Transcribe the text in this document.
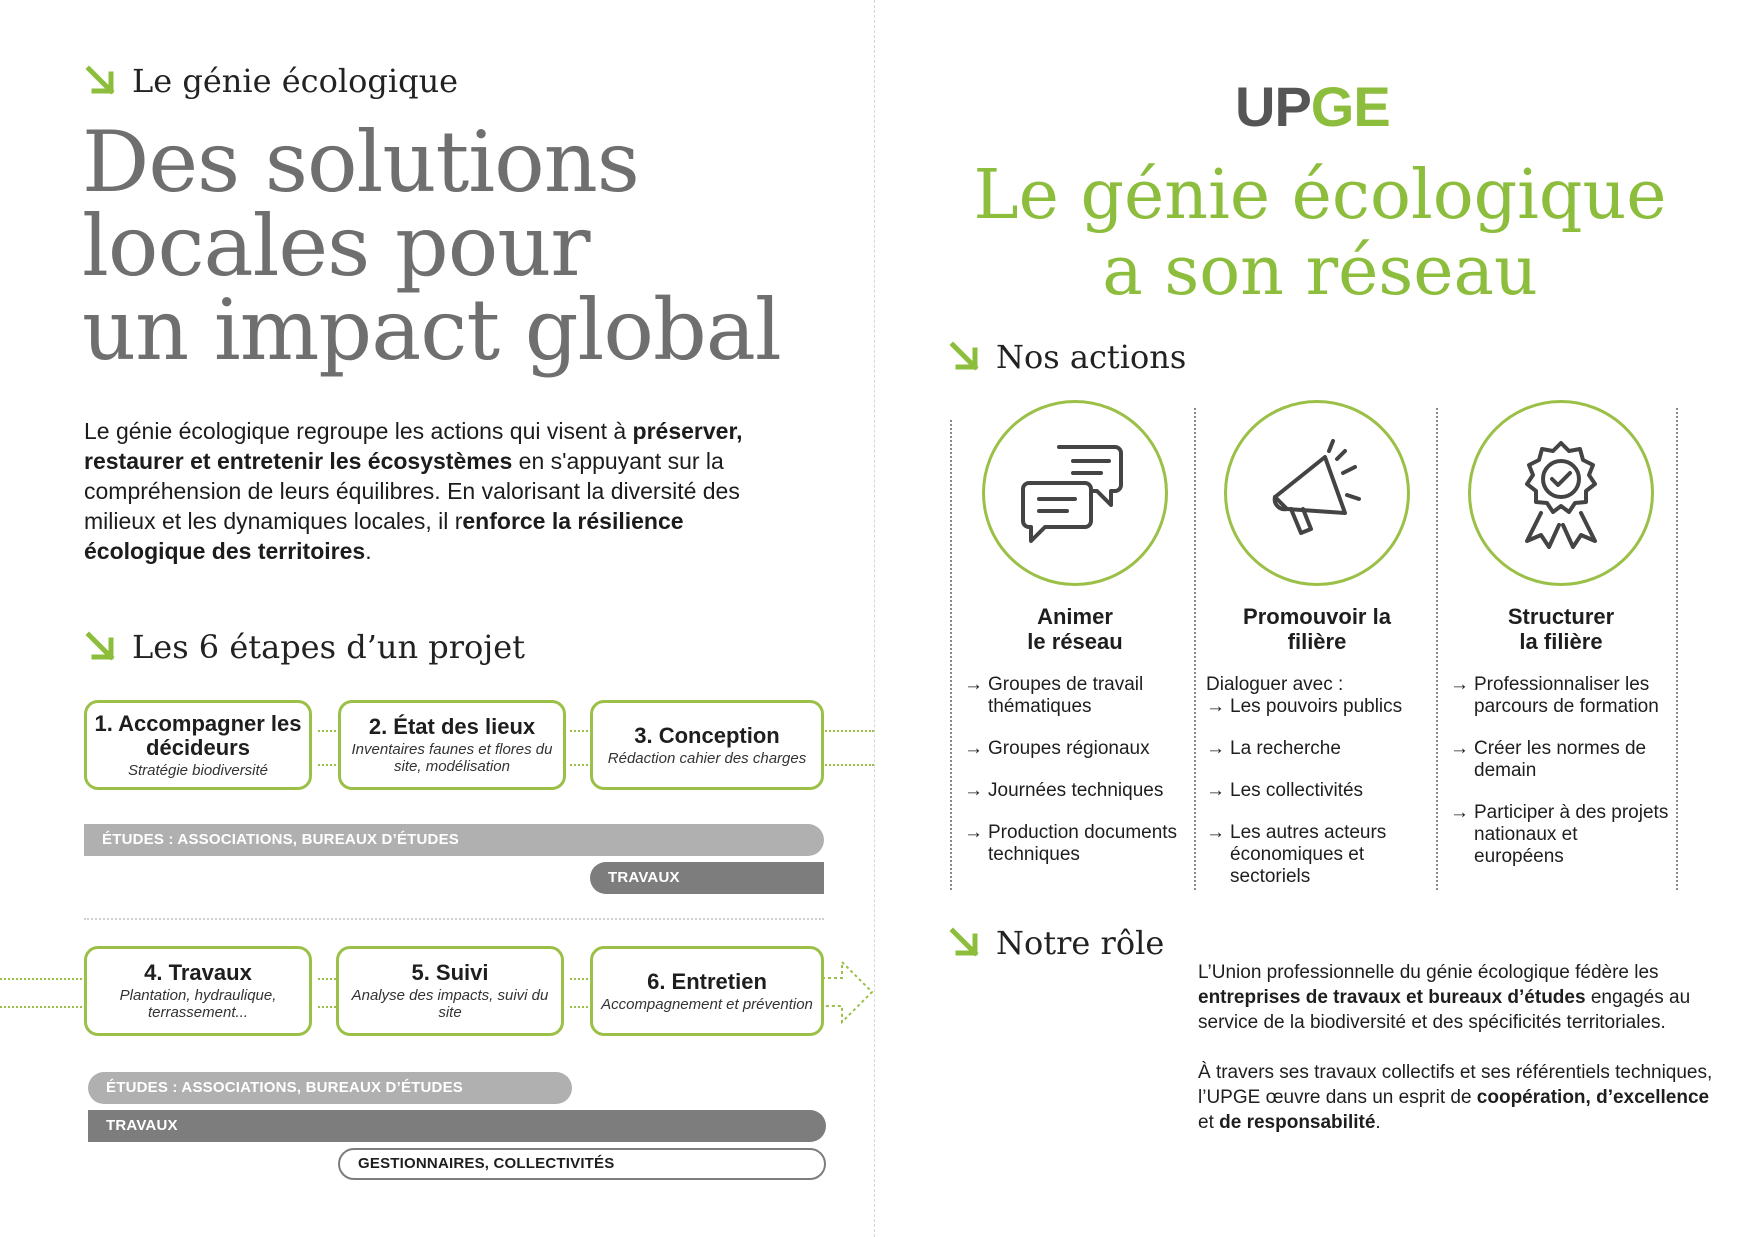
Le génie écologique
Des solutions
locales pour
un impact global
Le génie écologique regroupe les actions qui visent à préserver, restaurer et entretenir les écosystèmes en s'appuyant sur la compréhension de leurs équilibres. En valorisant la diversité des milieux et les dynamiques locales, il renforce la résilience écologique des territoires.
Les 6 étapes d’un projet
1. Accompagner les décideurs
Stratégie biodiversité
2. État des lieux
Inventaires faunes et flores du site, modélisation
3. Conception
Rédaction cahier des charges
ÉTUDES : ASSOCIATIONS, BUREAUX D’ÉTUDES
TRAVAUX
4. Travaux
Plantation, hydraulique, terrassement...
5. Suivi
Analyse des impacts, suivi du site
6. Entretien
Accompagnement et prévention
ÉTUDES : ASSOCIATIONS, BUREAUX D’ÉTUDES
TRAVAUX
GESTIONNAIRES, COLLECTIVITÉS
UPGE
Le génie écologique
a son réseau
Nos actions
Animer
le réseau
→ Groupes de travail thématiques
→ Groupes régionaux
→ Journées techniques
→ Production documents techniques
Promouvoir la
filière
Dialoguer avec :
→ Les pouvoirs publics
→ La recherche
→ Les collectivités
→ Les autres acteurs économiques et sectoriels
Structurer
la filière
→ Professionnaliser les parcours de formation
→ Créer les normes de demain
→ Participer à des projets nationaux et européens
Notre rôle

L’Union professionnelle du génie écologique fédère les entreprises de travaux et bureaux d’études engagés au service de la biodiversité et des spécificités territoriales.

À travers ses travaux collectifs et ses référentiels techniques, l’UPGE œuvre dans un esprit de coopération, d’excellence et de responsabilité.
